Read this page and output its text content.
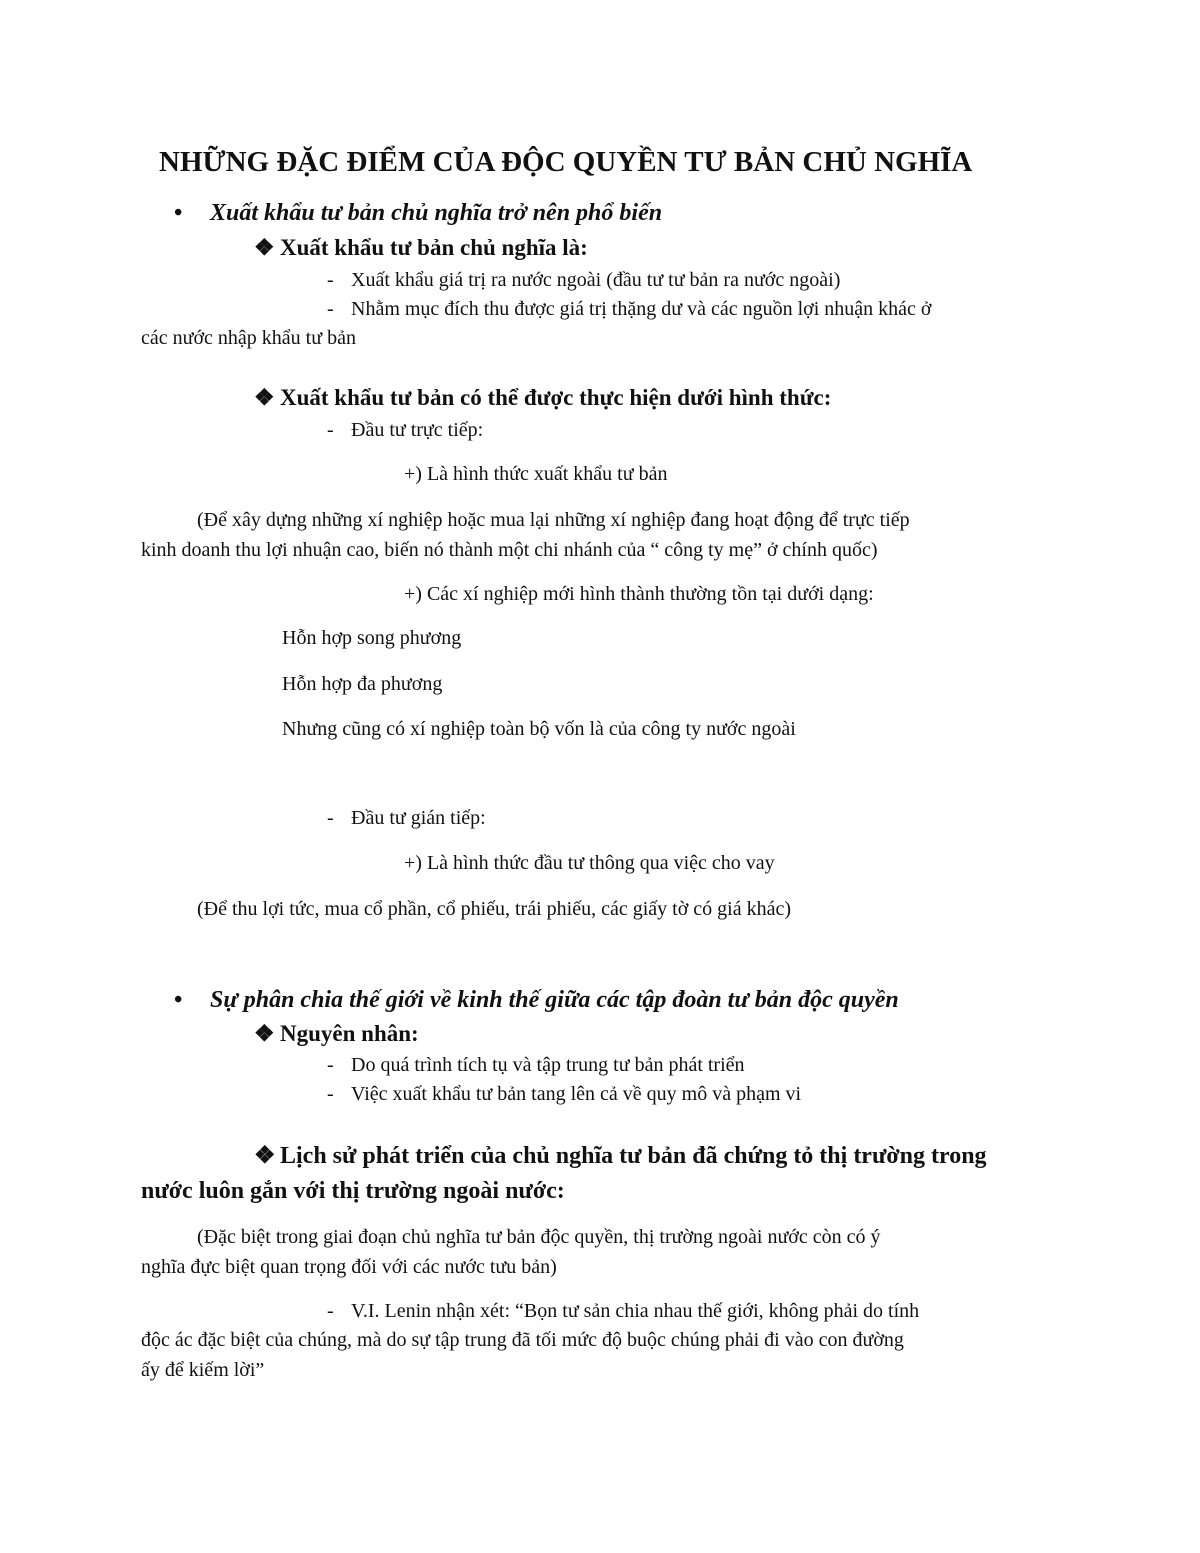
NHỮNG ĐẶC ĐIỂM CỦA ĐỘC QUYỀN TƯ BẢN CHỦ NGHĨA
• Xuất khẩu tư bản chủ nghĩa trở nên phổ biến
❖ Xuất khẩu tư bản chủ nghĩa là:
- Xuất khẩu giá trị ra nước ngoài (đầu tư tư bản ra nước ngoài)
- Nhằm mục đích thu được giá trị thặng dư và các nguồn lợi nhuận khác ở
các nước nhập khẩu tư bản
❖ Xuất khẩu tư bản có thể được thực hiện dưới hình thức:
- Đầu tư trực tiếp:
+) Là hình thức xuất khẩu tư bản
(Để xây dựng những xí nghiệp hoặc mua lại những xí nghiệp đang hoạt động để trực tiếp
kinh doanh thu lợi nhuận cao, biến nó thành một chi nhánh của “ công ty mẹ” ở chính quốc)
+) Các xí nghiệp mới hình thành thường tồn tại dưới dạng:
Hỗn hợp song phương
Hỗn hợp đa phương
Nhưng cũng có xí nghiệp toàn bộ vốn là của công ty nước ngoài
- Đầu tư gián tiếp:
+) Là hình thức đầu tư thông qua việc cho vay
(Để thu lợi tức, mua cổ phần, cổ phiếu, trái phiếu, các giấy tờ có giá khác)
• Sự phân chia thế giới về kinh thế giữa các tập đoàn tư bản độc quyền
❖ Nguyên nhân:
- Do quá trình tích tụ và tập trung tư bản phát triển
- Việc xuất khẩu tư bản tang lên cả về quy mô và phạm vi
❖ Lịch sử phát triển của chủ nghĩa tư bản đã chứng tỏ thị trường trong
nước luôn gắn với thị trường ngoài nước:
(Đặc biệt trong giai đoạn chủ nghĩa tư bản độc quyền, thị trường ngoài nước còn có ý
nghĩa đực biệt quan trọng đối với các nước tưu bản)
- V.I. Lenin nhận xét: “Bọn tư sản chia nhau thế giới, không phải do tính
độc ác đặc biệt của chúng, mà do sự tập trung đã tối mức độ buộc chúng phải đi vào con đường
ấy để kiếm lời”
